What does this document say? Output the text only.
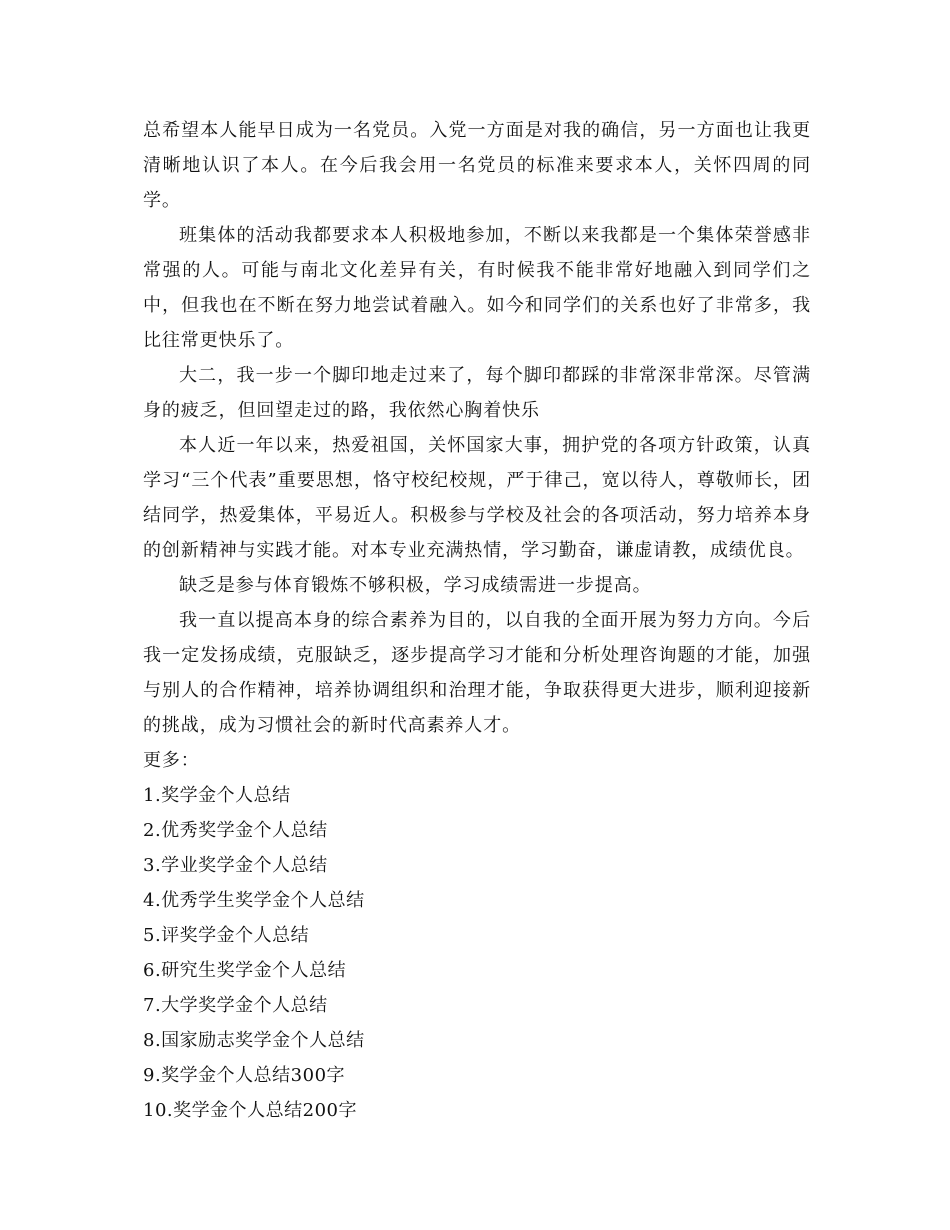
总希望本人能早日成为一名党员。入党一方面是对我的确信，另一方面也让我更清晰地认识了本人。在今后我会用一名党员的标准来要求本人，关怀四周的同学。

班集体的活动我都要求本人积极地参加，不断以来我都是一个集体荣誉感非常强的人。可能与南北文化差异有关，有时候我不能非常好地融入到同学们之中，但我也在不断在努力地尝试着融入。如今和同学们的关系也好了非常多，我比往常更快乐了。

大二，我一步一个脚印地走过来了，每个脚印都踩的非常深非常深。尽管满身的疲乏，但回望走过的路，我依然心胸着快乐

本人近一年以来，热爱祖国，关怀国家大事，拥护党的各项方针政策，认真学习“三个代表”重要思想，恪守校纪校规，严于律己，宽以待人，尊敬师长，团结同学，热爱集体，平易近人。积极参与学校及社会的各项活动，努力培养本身的创新精神与实践才能。对本专业充满热情，学习勤奋，谦虚请教，成绩优良。

缺乏是参与体育锻炼不够积极，学习成绩需进一步提高。

我一直以提高本身的综合素养为目的，以自我的全面开展为努力方向。今后我一定发扬成绩，克服缺乏，逐步提高学习才能和分析处理咨询题的才能，加强与别人的合作精神，培养协调组织和治理才能，争取获得更大进步，顺利迎接新的挑战，成为习惯社会的新时代高素养人才。

更多：

1.奖学金个人总结
2.优秀奖学金个人总结
3.学业奖学金个人总结
4.优秀学生奖学金个人总结
5.评奖学金个人总结
6.研究生奖学金个人总结
7.大学奖学金个人总结
8.国家励志奖学金个人总结
9.奖学金个人总结300字
10.奖学金个人总结200字
